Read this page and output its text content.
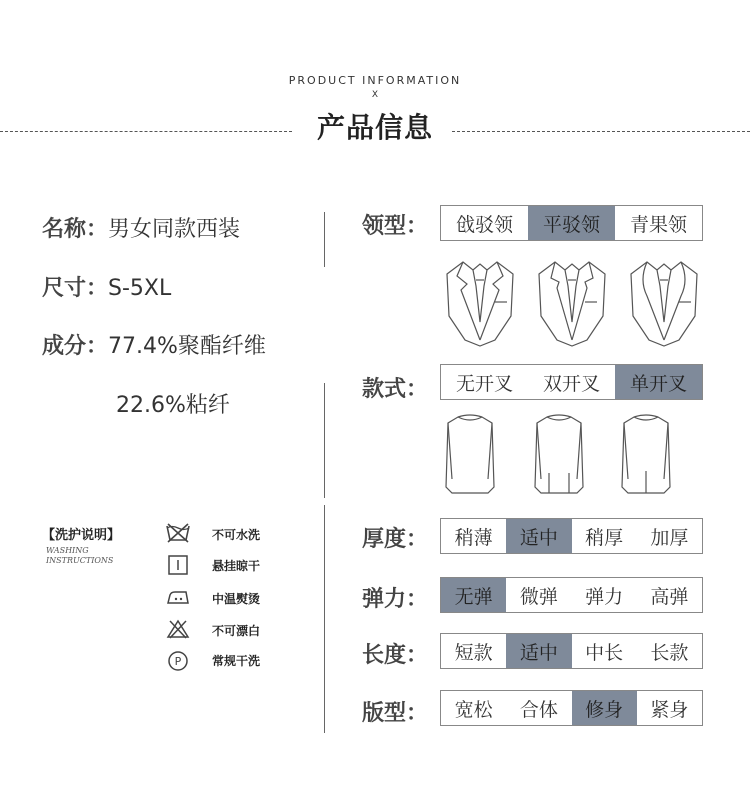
PRODUCT INFORMATION
X
产品信息
名称：男女同款西装
尺寸：S-5XL
成分：77.4%聚酯纤维
22.6%粘纤
【洗护说明】
WASHING
INSTRUCTIONS
不可水洗
悬挂晾干
中温熨烫
不可漂白
P	常规干洗
领型：	戗驳领	平驳领	青果领
款式：	无开叉	双开叉	单开叉
厚度：	稍薄	适中	稍厚	加厚
弹力：	无弹	微弹	弹力	高弹
长度：	短款	适中	中长	长款
版型：	宽松	合体	修身	紧身
